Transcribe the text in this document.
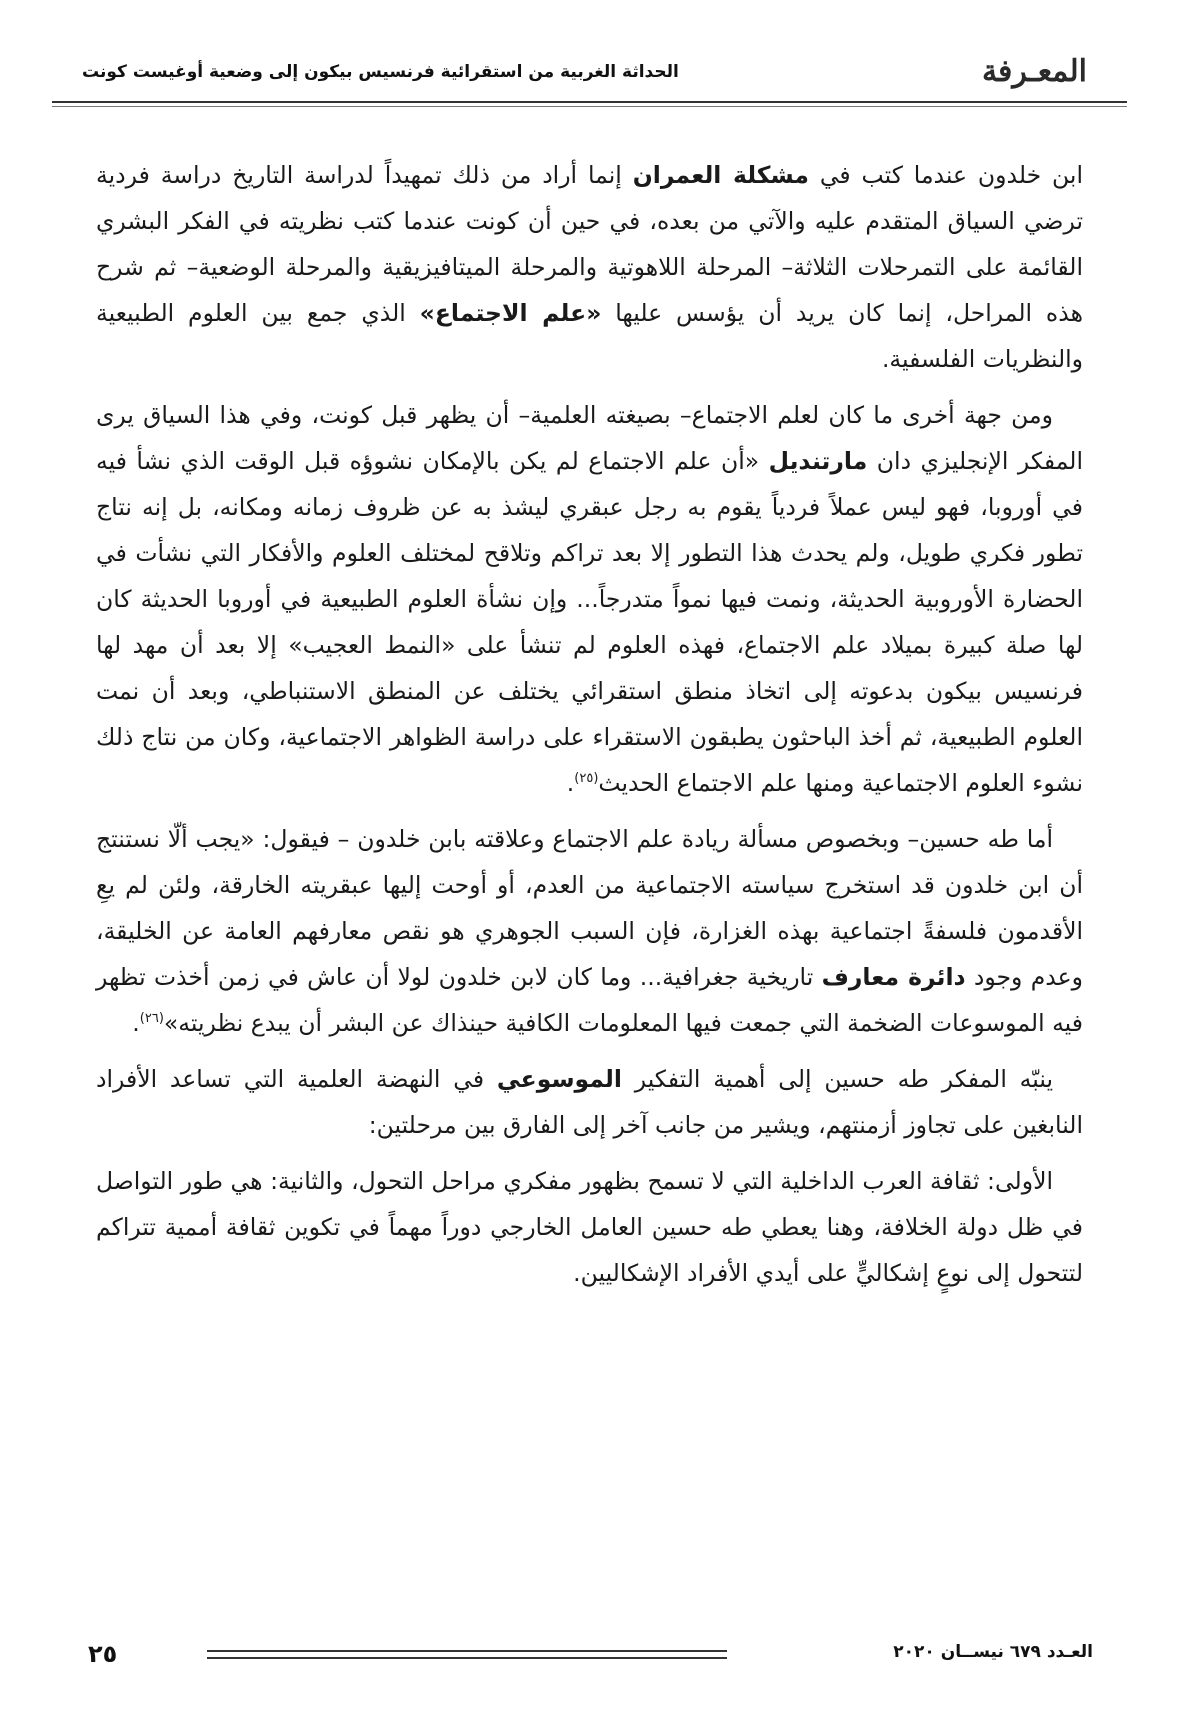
المعـرفة
الحداثة الغربية من استقرائية فرنسيس بيكون إلى وضعية أوغيست كونت

ابن خلدون عندما كتب في مشكلة العمران إنما أراد من ذلك تمهيداً لدراسة التاريخ دراسة فردية ترضي السياق المتقدم عليه والآتي من بعده، في حين أن كونت عندما كتب نظريته في الفكر البشري القائمة على التمرحلات الثلاثة– المرحلة اللاهوتية والمرحلة الميتافيزيقية والمرحلة الوضعية– ثم شرح هذه المراحل، إنما كان يريد أن يؤسس عليها «علم الاجتماع» الذي جمع بين العلوم الطبيعية والنظريات الفلسفية.

ومن جهة أخرى ما كان لعلم الاجتماع– بصيغته العلمية– أن يظهر قبل كونت، وفي هذا السياق يرى المفكر الإنجليزي دان مارتنديل «أن علم الاجتماع لم يكن بالإمكان نشوؤه قبل الوقت الذي نشأ فيه في أوروبا، فهو ليس عملاً فردياً يقوم به رجل عبقري ليشذ به عن ظروف زمانه ومكانه، بل إنه نتاج تطور فكري طويل، ولم يحدث هذا التطور إلا بعد تراكم وتلاقح لمختلف العلوم والأفكار التي نشأت في الحضارة الأوروبية الحديثة، ونمت فيها نمواً متدرجاً... وإن نشأة العلوم الطبيعية في أوروبا الحديثة كان لها صلة كبيرة بميلاد علم الاجتماع، فهذه العلوم لم تنشأ على «النمط العجيب» إلا بعد أن مهد لها فرنسيس بيكون بدعوته إلى اتخاذ منطق استقرائي يختلف عن المنطق الاستنباطي، وبعد أن نمت العلوم الطبيعية، ثم أخذ الباحثون يطبقون الاستقراء على دراسة الظواهر الاجتماعية، وكان من نتاج ذلك نشوء العلوم الاجتماعية ومنها علم الاجتماع الحديث$^{(٢٥)}$.

أما طه حسين– وبخصوص مسألة ريادة علم الاجتماع وعلاقته بابن خلدون – فيقول: «يجب ألّا نستنتج أن ابن خلدون قد استخرج سياسته الاجتماعية من العدم، أو أوحت إليها عبقريته الخارقة، ولئن لم يعِ الأقدمون فلسفةً اجتماعية بهذه الغزارة، فإن السبب الجوهري هو نقص معارفهم العامة عن الخليقة، وعدم وجود دائرة معارف تاريخية جغرافية... وما كان لابن خلدون لولا أن عاش في زمن أخذت تظهر فيه الموسوعات الضخمة التي جمعت فيها المعلومات الكافية حينذاك عن البشر أن يبدع نظريته»$^{(٢٦)}$.

ينبّه المفكر طه حسين إلى أهمية التفكير الموسوعي في النهضة العلمية التي تساعد الأفراد النابغين على تجاوز أزمنتهم، ويشير من جانب آخر إلى الفارق بين مرحلتين:

الأولى: ثقافة العرب الداخلية التي لا تسمح بظهور مفكري مراحل التحول، والثانية: هي طور التواصل في ظل دولة الخلافة، وهنا يعطي طه حسين العامل الخارجي دوراً مهماً في تكوين ثقافة أممية تتراكم لتتحول إلى نوعٍ إشكاليٍّ على أيدي الأفراد الإشكاليين.

٢٥	العـدد ٦٧٩ نيســان ٢٠٢٠
